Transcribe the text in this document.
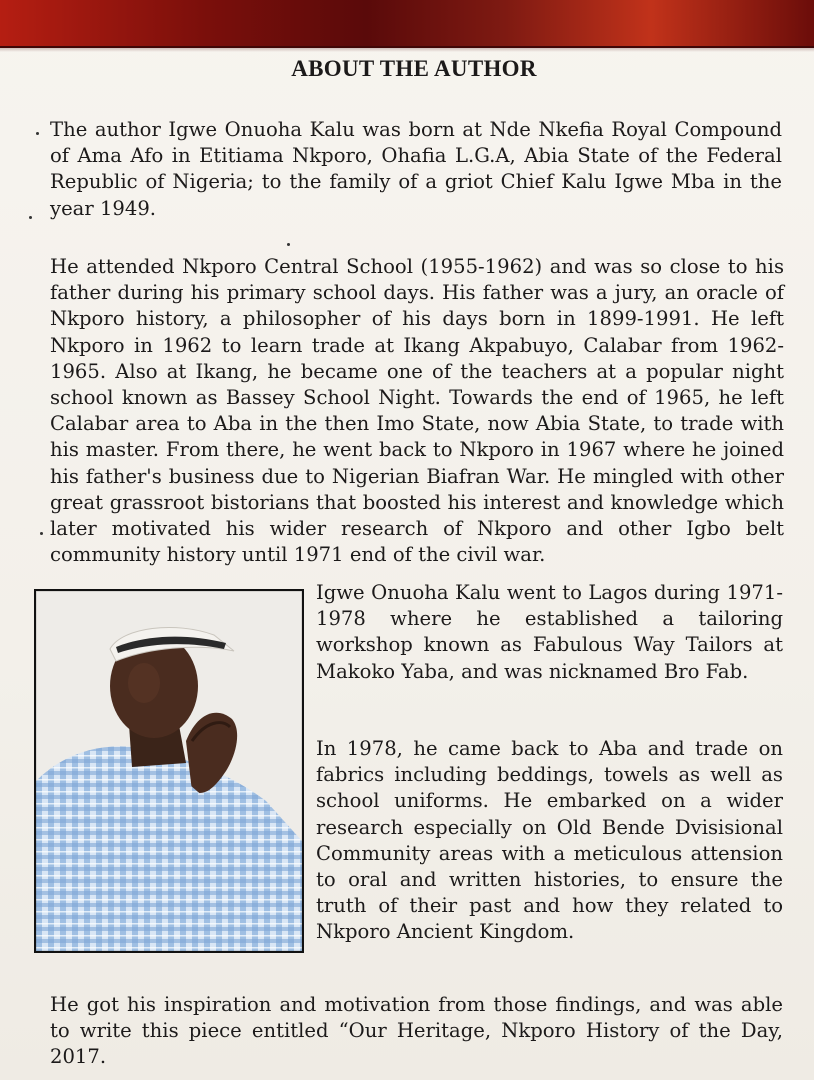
ABOUT THE AUTHOR

The author Igwe Onuoha Kalu was born at Nde Nkefia Royal Compound of Ama Afo in Etitiama Nkporo, Ohafia L.G.A, Abia State of the Federal Republic of Nigeria; to the family of a griot Chief Kalu Igwe Mba in the year 1949.

He attended Nkporo Central School (1955-1962) and was so close to his father during his primary school days. His father was a jury, an oracle of Nkporo history, a philosopher of his days born in 1899-1991. He left Nkporo in 1962 to learn trade at Ikang Akpabuyo, Calabar from 1962-1965. Also at Ikang, he became one of the teachers at a popular night school known as Bassey School Night. Towards the end of 1965, he left Calabar area to Aba in the then Imo State, now Abia State, to trade with his master. From there, he went back to Nkporo in 1967 where he joined his father's business due to Nigerian Biafran War. He mingled with other great grassroot bistorians that boosted his interest and knowledge which later motivated his wider research of Nkporo and other Igbo belt community history until 1971 end of the civil war.

Igwe Onuoha Kalu went to Lagos during 1971-1978 where he established a tailoring workshop known as Fabulous Way Tailors at Makoko Yaba, and was nicknamed Bro Fab.

In 1978, he came back to Aba and trade on fabrics including beddings, towels as well as school uniforms. He embarked on a wider research especially on Old Bende Dvisisional Community areas with a meticulous attension to oral and written histories, to ensure the truth of their past and how they related to Nkporo Ancient Kingdom.

He got his inspiration and motivation from those findings, and was able to write this piece entitled “Our Heritage, Nkporo History of the Day, 2017.
